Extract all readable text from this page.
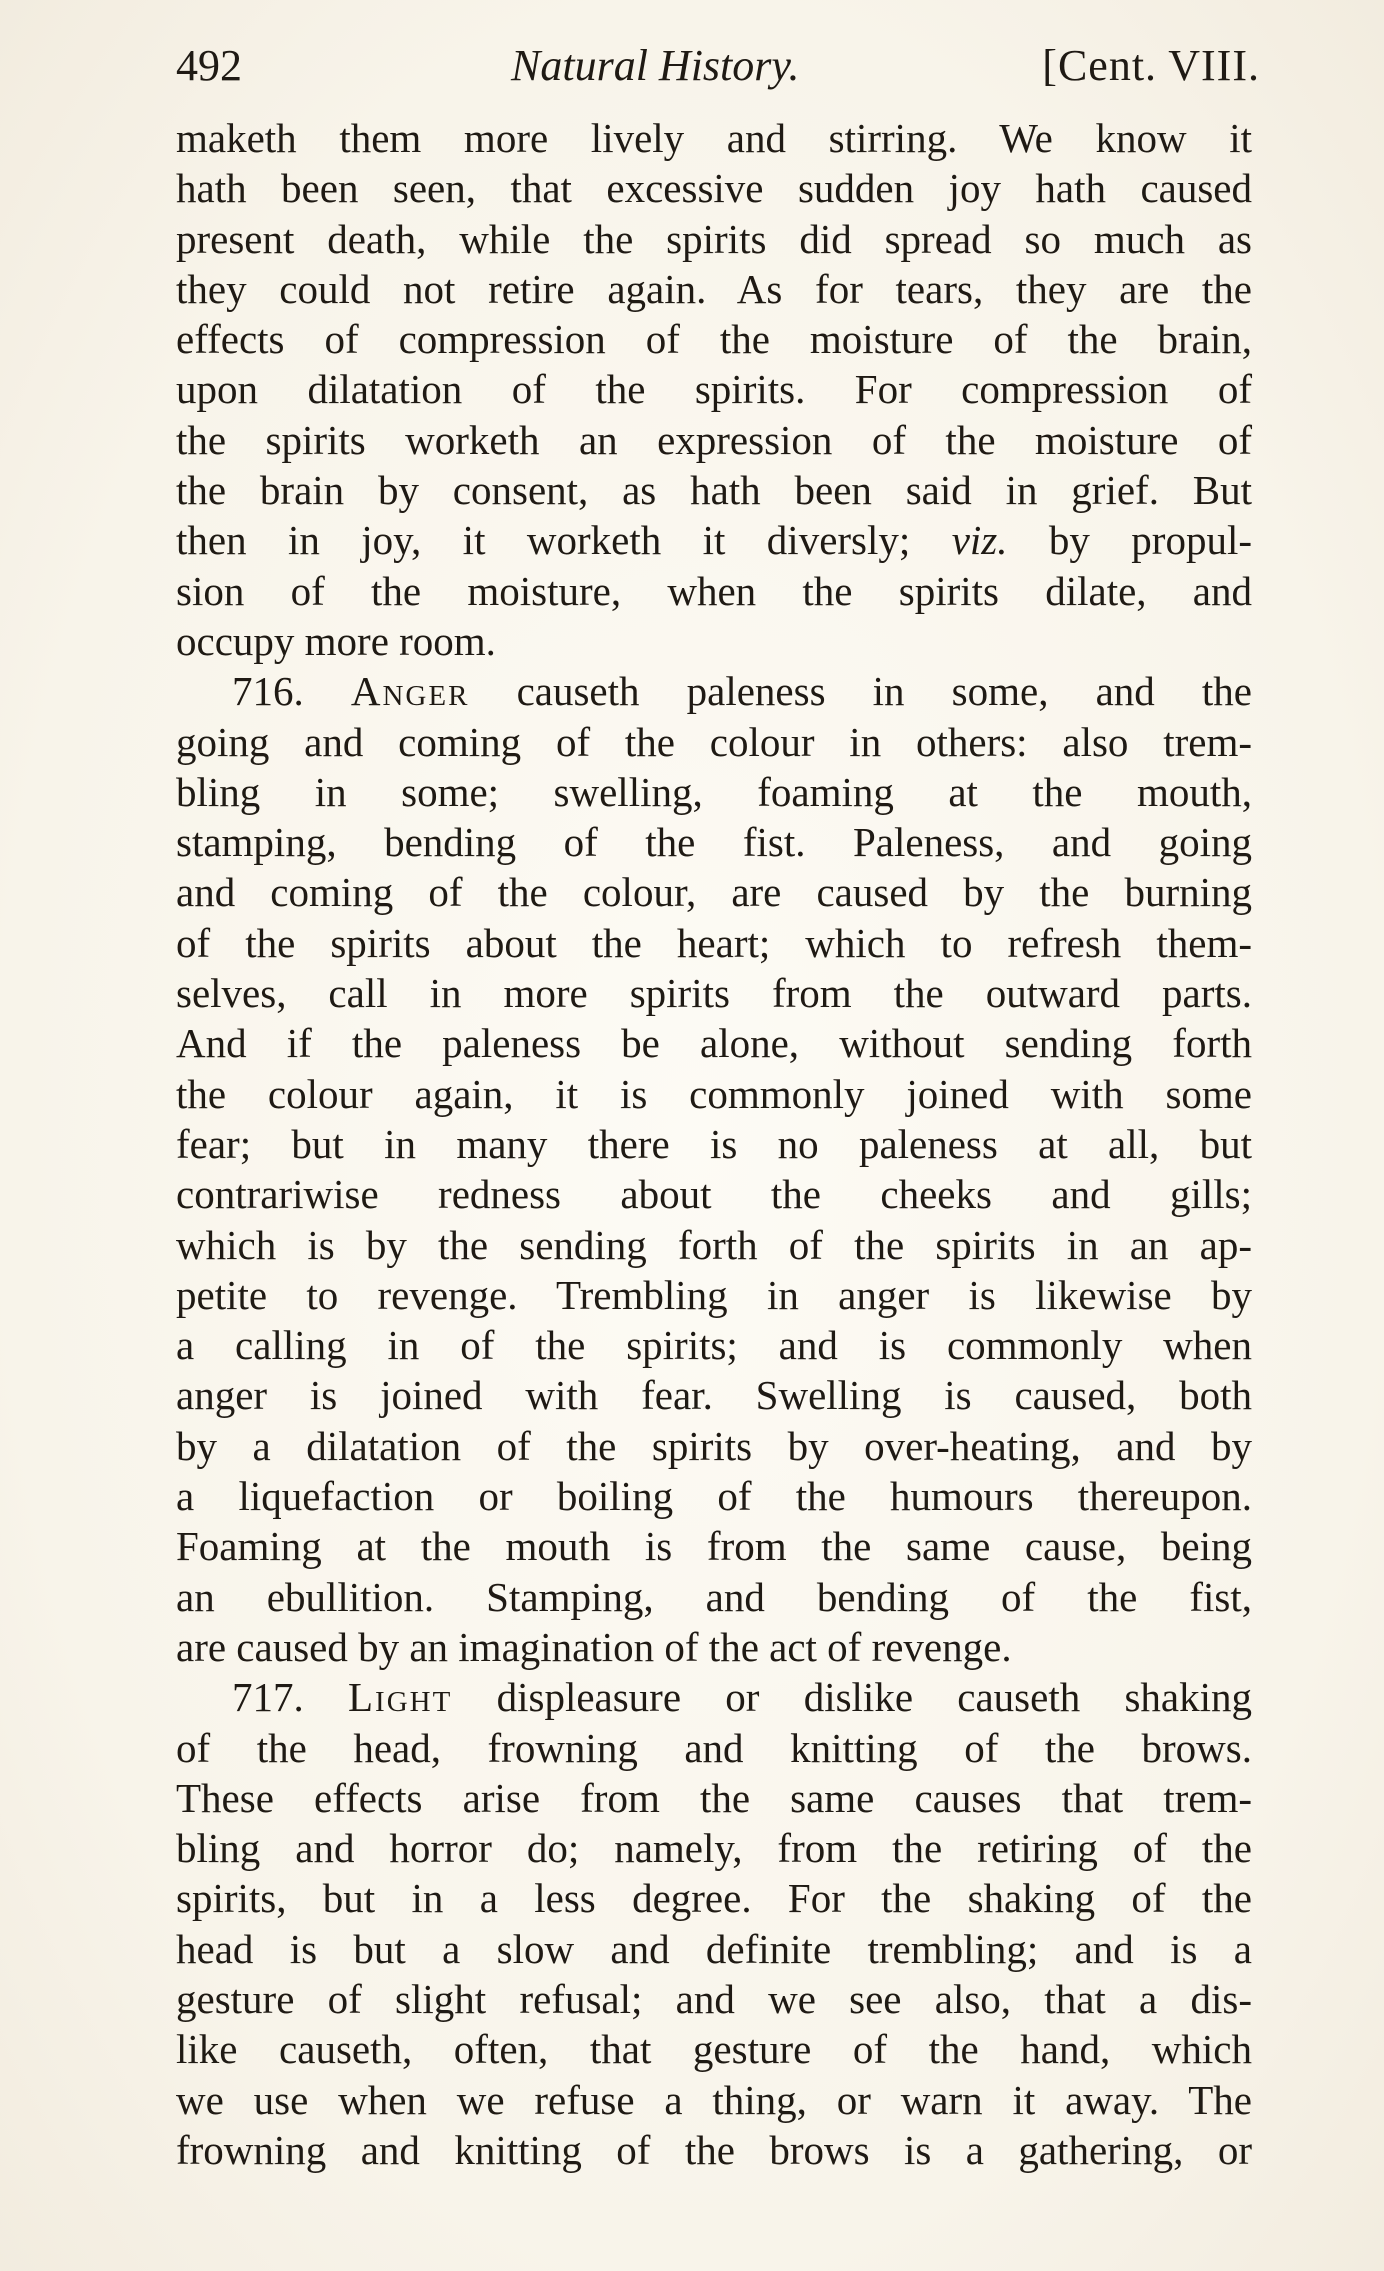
492	Natural History.	[Cent. VIII.
maketh them more lively and stirring. We know it
hath been seen, that excessive sudden joy hath caused
present death, while the spirits did spread so much as
they could not retire again. As for tears, they are the
effects of compression of the moisture of the brain,
upon dilatation of the spirits. For compression of
the spirits worketh an expression of the moisture of
the brain by consent, as hath been said in grief. But
then in joy, it worketh it diversly; viz. by propul-
sion of the moisture, when the spirits dilate, and
occupy more room.
716. Anger causeth paleness in some, and the
going and coming of the colour in others: also trem-
bling in some; swelling, foaming at the mouth,
stamping, bending of the fist. Paleness, and going
and coming of the colour, are caused by the burning
of the spirits about the heart; which to refresh them-
selves, call in more spirits from the outward parts.
And if the paleness be alone, without sending forth
the colour again, it is commonly joined with some
fear; but in many there is no paleness at all, but
contrariwise redness about the cheeks and gills;
which is by the sending forth of the spirits in an ap-
petite to revenge. Trembling in anger is likewise by
a calling in of the spirits; and is commonly when
anger is joined with fear. Swelling is caused, both
by a dilatation of the spirits by over-heating, and by
a liquefaction or boiling of the humours thereupon.
Foaming at the mouth is from the same cause, being
an ebullition. Stamping, and bending of the fist,
are caused by an imagination of the act of revenge.
717. Light displeasure or dislike causeth shaking
of the head, frowning and knitting of the brows.
These effects arise from the same causes that trem-
bling and horror do; namely, from the retiring of the
spirits, but in a less degree. For the shaking of the
head is but a slow and definite trembling; and is a
gesture of slight refusal; and we see also, that a dis-
like causeth, often, that gesture of the hand, which
we use when we refuse a thing, or warn it away. The
frowning and knitting of the brows is a gathering, or
